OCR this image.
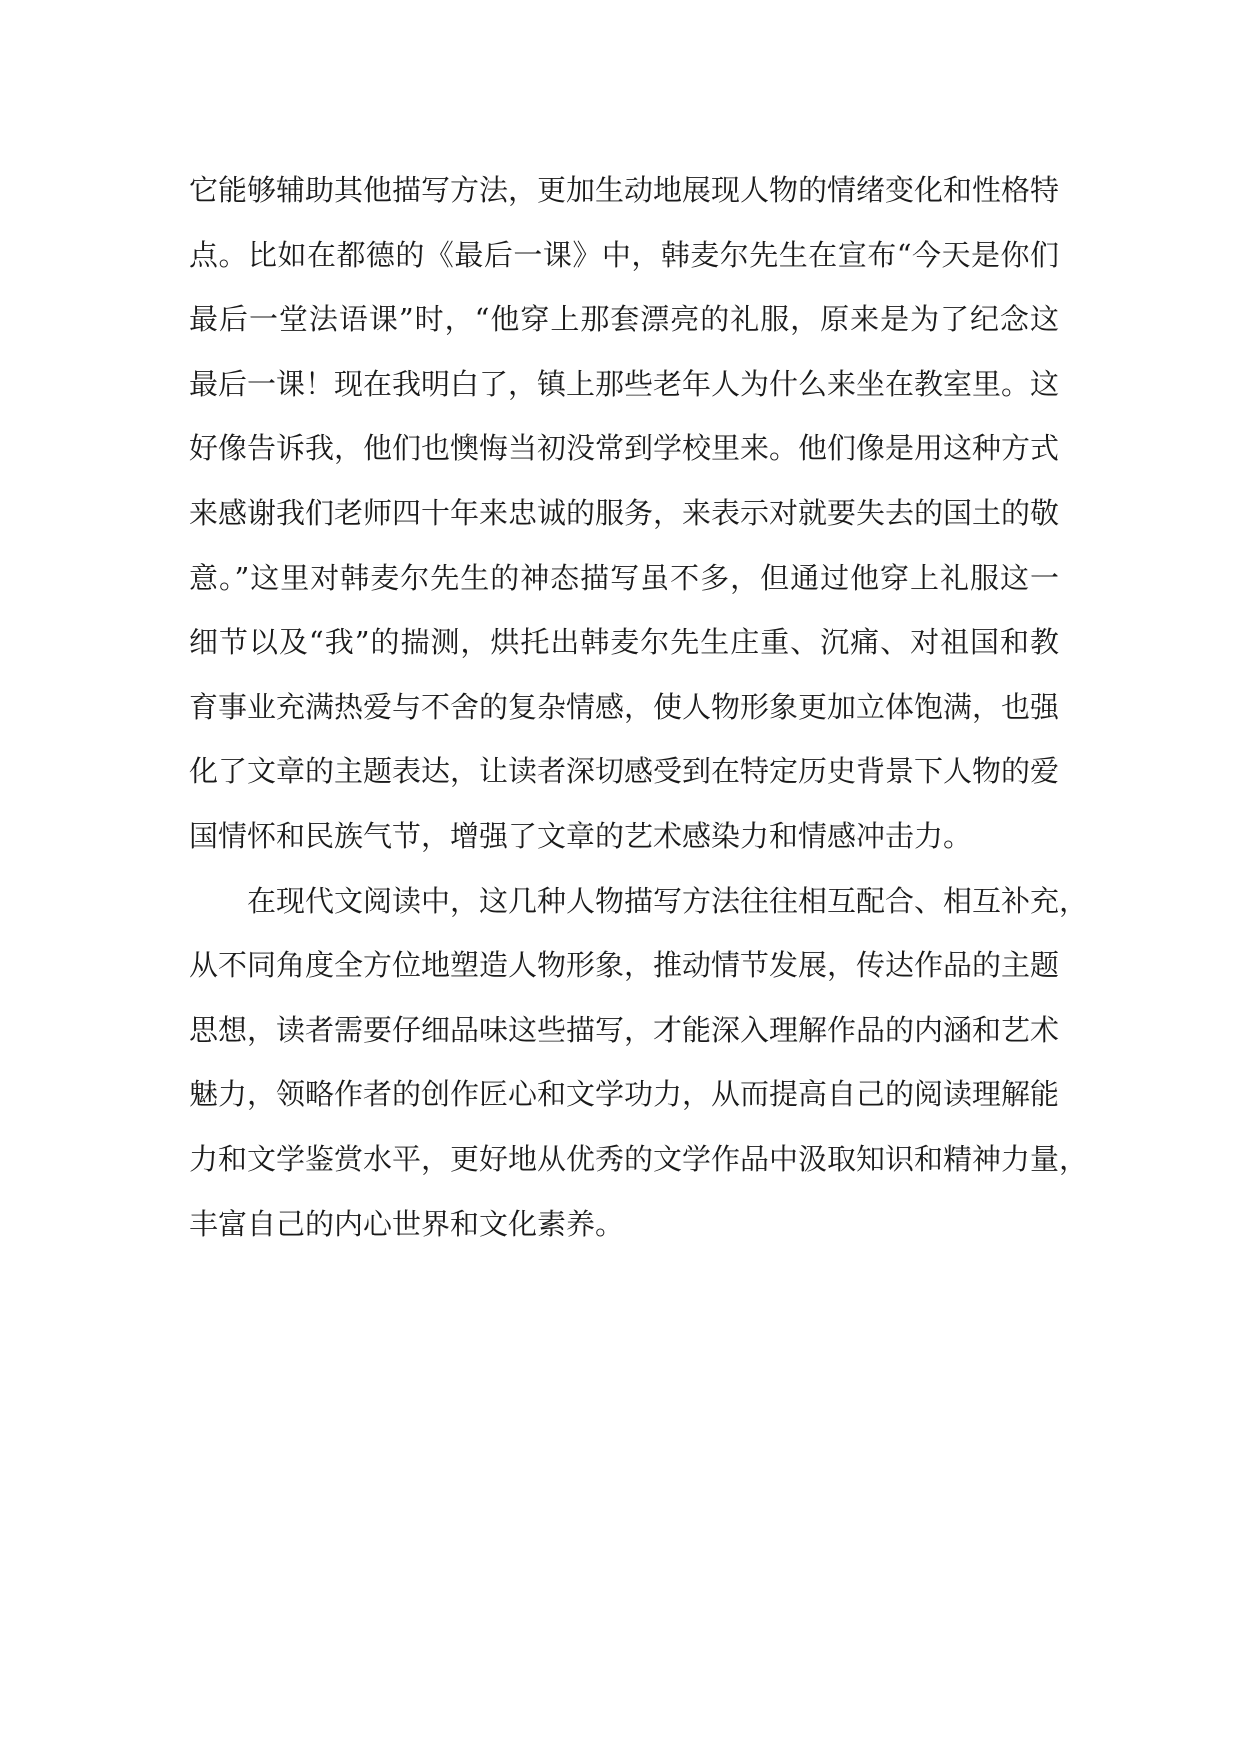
它能够辅助其他描写方法，更加生动地展现人物的情绪变化和性格特
点。比如在都德的《最后一课》中，韩麦尔先生在宣布“今天是你们
最后一堂法语课”时，“他穿上那套漂亮的礼服，原来是为了纪念这
最后一课！现在我明白了，镇上那些老年人为什么来坐在教室里。这
好像告诉我，他们也懊悔当初没常到学校里来。他们像是用这种方式
来感谢我们老师四十年来忠诚的服务，来表示对就要失去的国土的敬
意。”这里对韩麦尔先生的神态描写虽不多，但通过他穿上礼服这一
细节以及“我”的揣测，烘托出韩麦尔先生庄重、沉痛、对祖国和教
育事业充满热爱与不舍的复杂情感，使人物形象更加立体饱满，也强
化了文章的主题表达，让读者深切感受到在特定历史背景下人物的爱
国情怀和民族气节，增强了文章的艺术感染力和情感冲击力。
在现代文阅读中，这几种人物描写方法往往相互配合、相互补充，
从不同角度全方位地塑造人物形象，推动情节发展，传达作品的主题
思想，读者需要仔细品味这些描写，才能深入理解作品的内涵和艺术
魅力，领略作者的创作匠心和文学功力，从而提高自己的阅读理解能
力和文学鉴赏水平，更好地从优秀的文学作品中汲取知识和精神力量，
丰富自己的内心世界和文化素养。
